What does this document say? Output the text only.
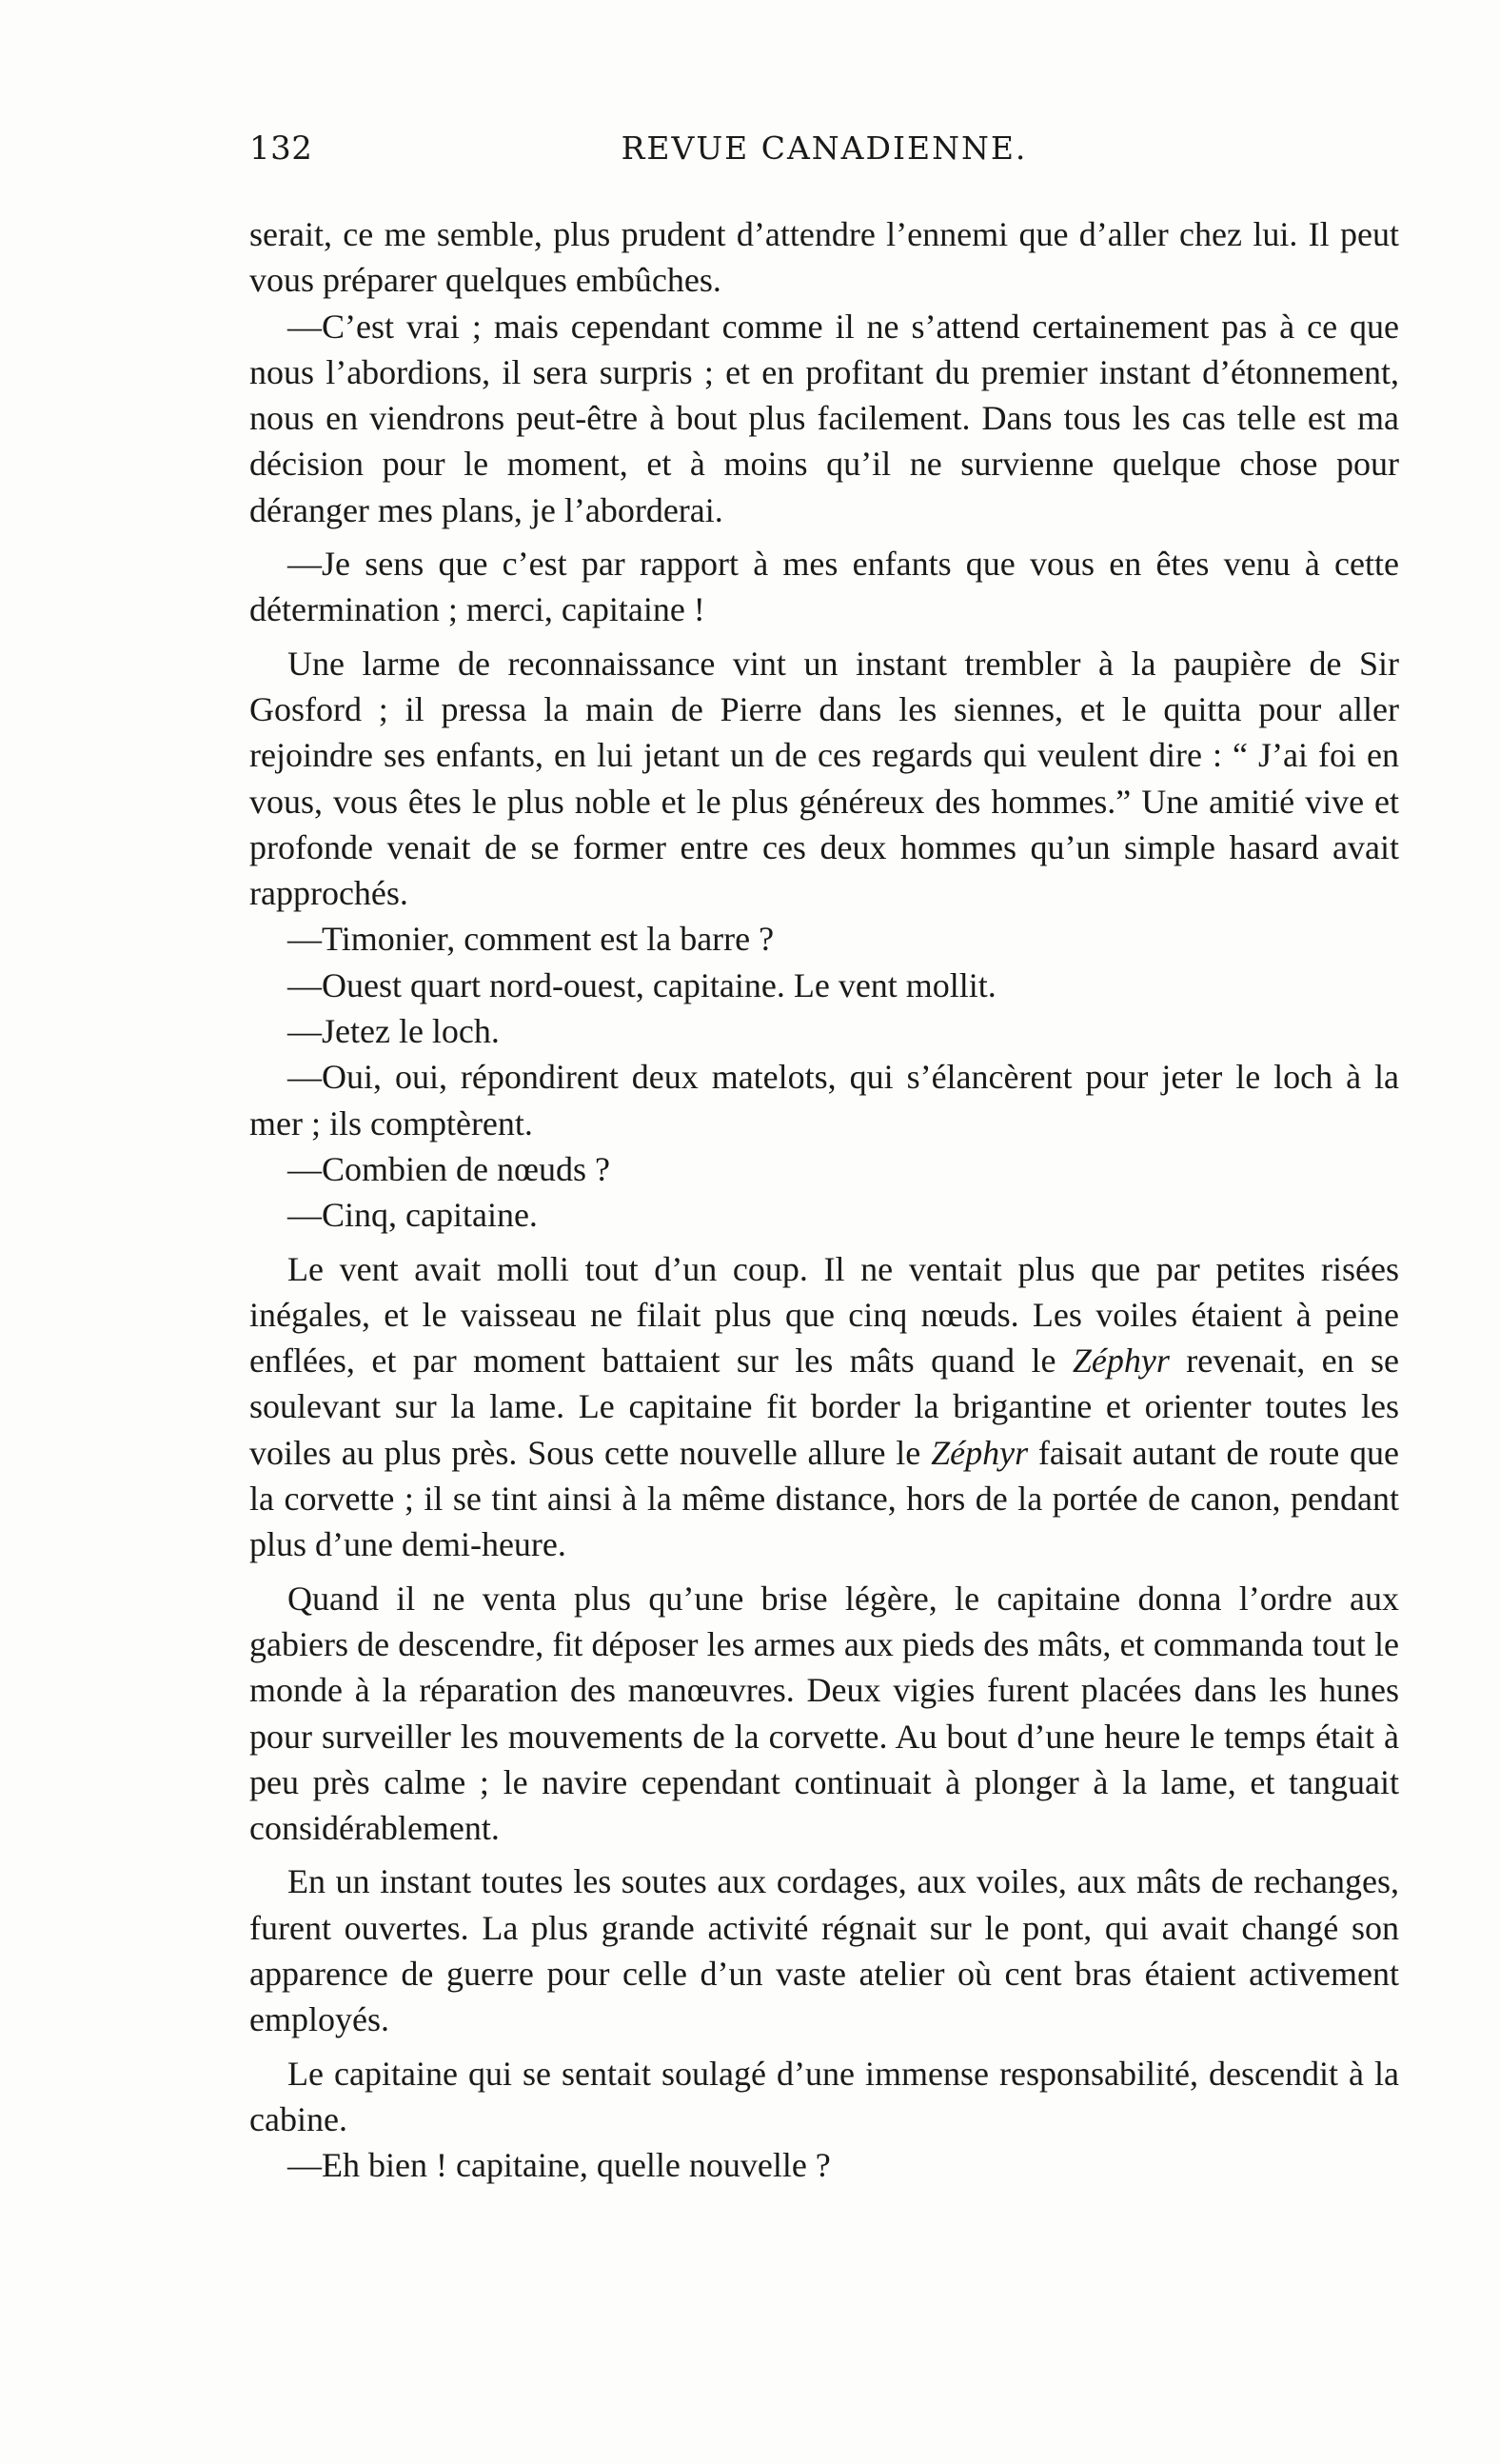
132	REVUE CANADIENNE.

serait, ce me semble, plus prudent d’attendre l’ennemi que d’aller chez lui. Il peut vous préparer quelques embûches.

—C’est vrai ; mais cependant comme il ne s’attend certainement pas à ce que nous l’abordions, il sera surpris ; et en profitant du premier instant d’étonnement, nous en viendrons peut-être à bout plus facilement. Dans tous les cas telle est ma décision pour le moment, et à moins qu’il ne survienne quelque chose pour déranger mes plans, je l’aborderai.

—Je sens que c’est par rapport à mes enfants que vous en êtes venu à cette détermination ; merci, capitaine !

Une larme de reconnaissance vint un instant trembler à la paupière de Sir Gosford ; il pressa la main de Pierre dans les siennes, et le quitta pour aller rejoindre ses enfants, en lui jetant un de ces regards qui veulent dire : “ J’ai foi en vous, vous êtes le plus noble et le plus généreux des hommes.” Une amitié vive et profonde venait de se former entre ces deux hommes qu’un simple hasard avait rapprochés.

—Timonier, comment est la barre ?

—Ouest quart nord-ouest, capitaine. Le vent mollit.

—Jetez le loch.

—Oui, oui, répondirent deux matelots, qui s’élancèrent pour jeter le loch à la mer ; ils comptèrent.

—Combien de nœuds ?

—Cinq, capitaine.

Le vent avait molli tout d’un coup. Il ne ventait plus que par petites risées inégales, et le vaisseau ne filait plus que cinq nœuds. Les voiles étaient à peine enflées, et par moment battaient sur les mâts quand le Zéphyr revenait, en se soulevant sur la lame. Le capitaine fit border la brigantine et orienter toutes les voiles au plus près. Sous cette nouvelle allure le Zéphyr faisait autant de route que la corvette ; il se tint ainsi à la même distance, hors de la portée de canon, pendant plus d’une demi-heure.

Quand il ne venta plus qu’une brise légère, le capitaine donna l’ordre aux gabiers de descendre, fit déposer les armes aux pieds des mâts, et commanda tout le monde à la réparation des manœuvres. Deux vigies furent placées dans les hunes pour surveiller les mouvements de la corvette. Au bout d’une heure le temps était à peu près calme ; le navire cependant continuait à plonger à la lame, et tanguait considérablement.

En un instant toutes les soutes aux cordages, aux voiles, aux mâts de rechanges, furent ouvertes. La plus grande activité régnait sur le pont, qui avait changé son apparence de guerre pour celle d’un vaste atelier où cent bras étaient activement employés.

Le capitaine qui se sentait soulagé d’une immense responsabilité, descendit à la cabine.

—Eh bien ! capitaine, quelle nouvelle ?
